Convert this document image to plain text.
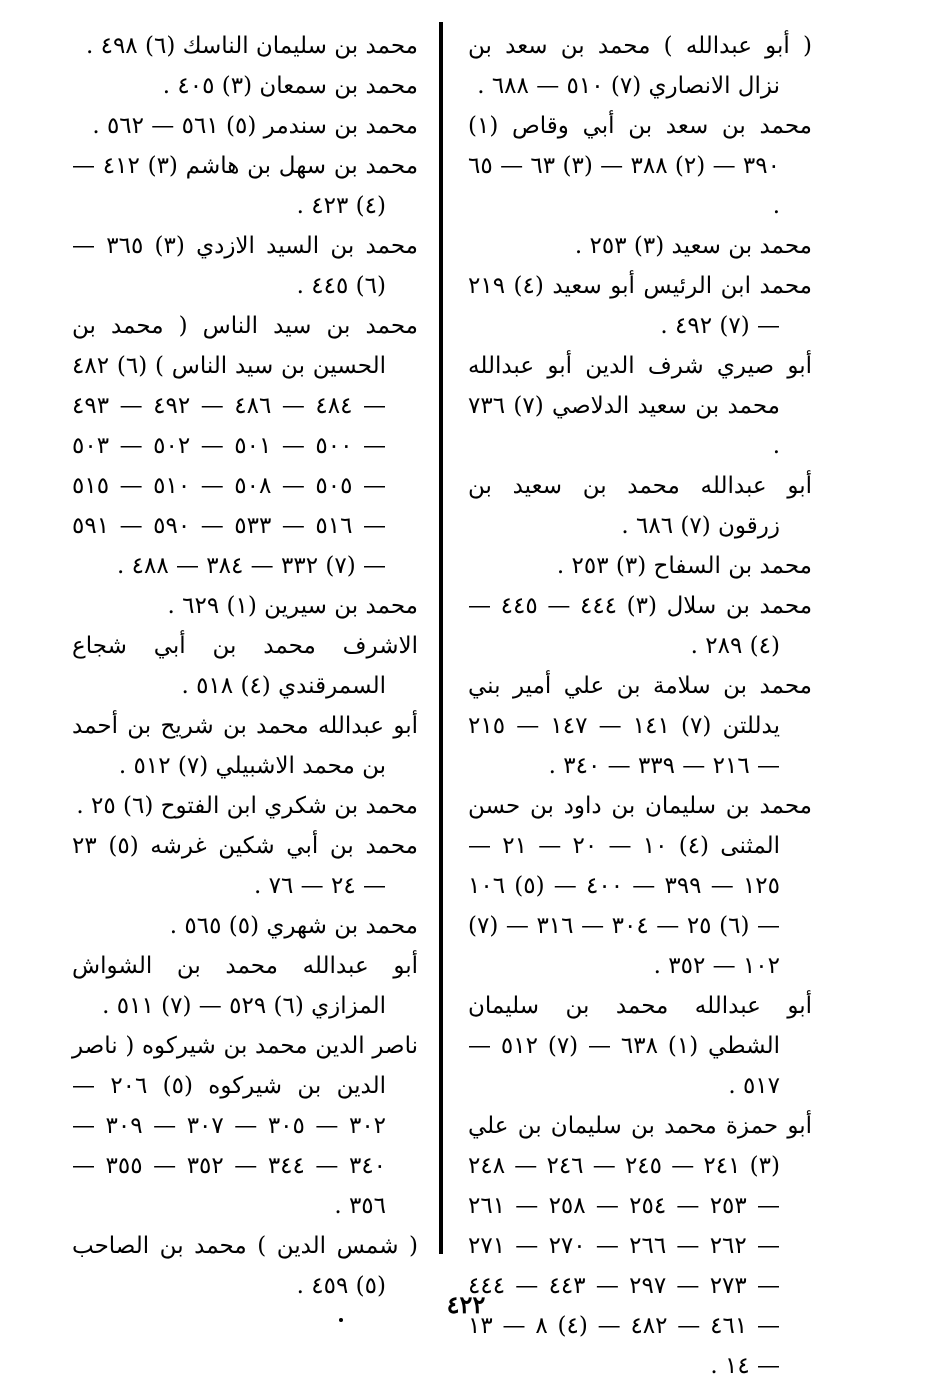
( أبو عبدالله ) محمد بن سعد بن نزال الانصاري (٧) ٥١٠ — ٦٨٨ .
محمد بن سعد بن أبي وقاص (١) ٣٩٠ — (٢) ٣٨٨ — (٣) ٦٣ — ٦٥ .
محمد بن سعيد (٣) ٢٥٣ .
محمد ابن الرئيس أبو سعيد (٤) ٢١٩ — (٧) ٤٩٢ .
أبو صيري شرف الدين أبو عبدالله محمد بن سعيد الدلاصي (٧) ٧٣٦ .
أبو عبدالله محمد بن سعيد بن زرقون (٧) ٦٨٦ .
محمد بن السفاح (٣) ٢٥٣ .
محمد بن سلال (٣) ٤٤٤ — ٤٤٥ — (٤) ٢٨٩ .
محمد بن سلامة بن علي أمير بني يدللتن (٧) ١٤١ — ١٤٧ — ٢١٥ — ٢١٦ — ٣٣٩ — ٣٤٠ .
محمد بن سليمان بن داود بن حسن المثنى (٤) ١٠ — ٢٠ — ٢١ — ١٢٥ — ٣٩٩ — ٤٠٠ — (٥) ١٠٦ — (٦) ٢٥ — ٣٠٤ — ٣١٦ — (٧) ١٠٢ — ٣٥٢ .
أبو عبدالله محمد بن سليمان الشطي (١) ٦٣٨ — (٧) ٥١٢ — ٥١٧ .
أبو حمزة محمد بن سليمان بن علي (٣) ٢٤١ — ٢٤٥ — ٢٤٦ — ٢٤٨ — ٢٥٣ — ٢٥٤ — ٢٥٨ — ٢٦١ — ٢٦٢ — ٢٦٦ — ٢٧٠ — ٢٧١ — ٢٧٣ — ٢٩٧ — ٤٤٣ — ٤٤٤ — ٤٦١ — ٤٨٢ — (٤) ٨ — ١٣ — ١٤ .
محمد بن سليمان الناسك (٦) ٤٩٨ .
محمد بن سمعان (٣) ٤٠٥ .
محمد بن سندمر (٥) ٥٦١ — ٥٦٢ .
محمد بن سهل بن هاشم (٣) ٤١٢ — (٤) ٤٢٣ .
محمد بن السيد الازدي (٣) ٣٦٥ — (٦) ٤٤٥ .
محمد بن سيد الناس ( محمد بن الحسين بن سيد الناس ) (٦) ٤٨٢ — ٤٨٤ — ٤٨٦ — ٤٩٢ — ٤٩٣ — ٥٠٠ — ٥٠١ — ٥٠٢ — ٥٠٣ — ٥٠٥ — ٥٠٨ — ٥١٠ — ٥١٥ — ٥١٦ — ٥٣٣ — ٥٩٠ — ٥٩١ — (٧) ٣٣٢ — ٣٨٤ — ٤٨٨ .
محمد بن سيرين (١) ٦٢٩ .
الاشرف محمد بن أبي شجاع السمرقندي (٤) ٥١٨ .
أبو عبدالله محمد بن شريح بن أحمد بن محمد الاشبيلي (٧) ٥١٢ .
محمد بن شكري ابن الفتوح (٦) ٢٥ .
محمد بن أبي شكين غرشه (٥) ٢٣ — ٢٤ — ٧٦ .
محمد بن شهري (٥) ٥٦٥ .
أبو عبدالله محمد بن الشواش المزازي (٦) ٥٢٩ — (٧) ٥١١ .
ناصر الدين محمد بن شيركوه ( ناصر الدين بن شيركوه (٥) ٢٠٦ — ٣٠٢ — ٣٠٥ — ٣٠٧ — ٣٠٩ — ٣٤٠ — ٣٤٤ — ٣٥٢ — ٣٥٥ — ٣٥٦ .
( شمس الدين ) محمد بن الصاحب (٥) ٤٥٩ .
٤٢٢
